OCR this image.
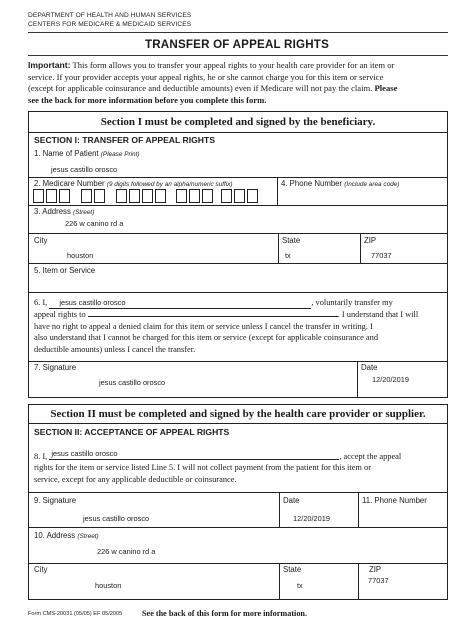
DEPARTMENT OF HEALTH AND HUMAN SERVICES
CENTERS FOR MEDICARE & MEDICAID SERVICES
TRANSFER OF APPEAL RIGHTS
Important: This form allows you to transfer your appeal rights to your health care provider for an item or
service. If your provider accepts your appeal rights, he or she cannot charge you for this item or service
(except for applicable coinsurance and deductible amounts) even if Medicare will not pay the claim. Please
see the back for more information before you complete this form.
Section I must be completed and signed by the beneficiary.
SECTION I: TRANSFER OF APPEAL RIGHTS
1. Name of Patient (Please Print)
jesus castillo orosco
2. Medicare Number (9 digits followed by an alpha/numeric suffix)	4. Phone Number (Include area code)
3. Address (Street)
226 w canino rd a
City
houston
State
tx
ZIP
77037
5. Item or Service
6. I, jesus castillo orosco	, voluntarily transfer my
appeal rights to	. I understand that I will
have no right to appeal a denied claim for this item or service unless I cancel the transfer in writing. I
also understand that I cannot be charged for this item or service (except for applicable coinsurance and
deductible amounts) unless I cancel the transfer.
7. Signature
jesus castillo orosco
Date
12/20/2019
Section II must be completed and signed by the health care provider or supplier.
SECTION II: ACCEPTANCE OF APPEAL RIGHTS
8. I, jesus castillo orosco	, accept the appeal
rights for the item or service listed Line 5. I will not collect payment from the patient for this item or
service, except for any applicable deductible or coinsurance.
9. Signature
jesus castillo orosco
Date
12/20/2019
11. Phone Number
10. Address (Street)
226 w canino rd a
City
houston
State
tx
ZIP
77037
Form CMS-20031 (05/05) EF 05/2005 See the back of this form for more information.
